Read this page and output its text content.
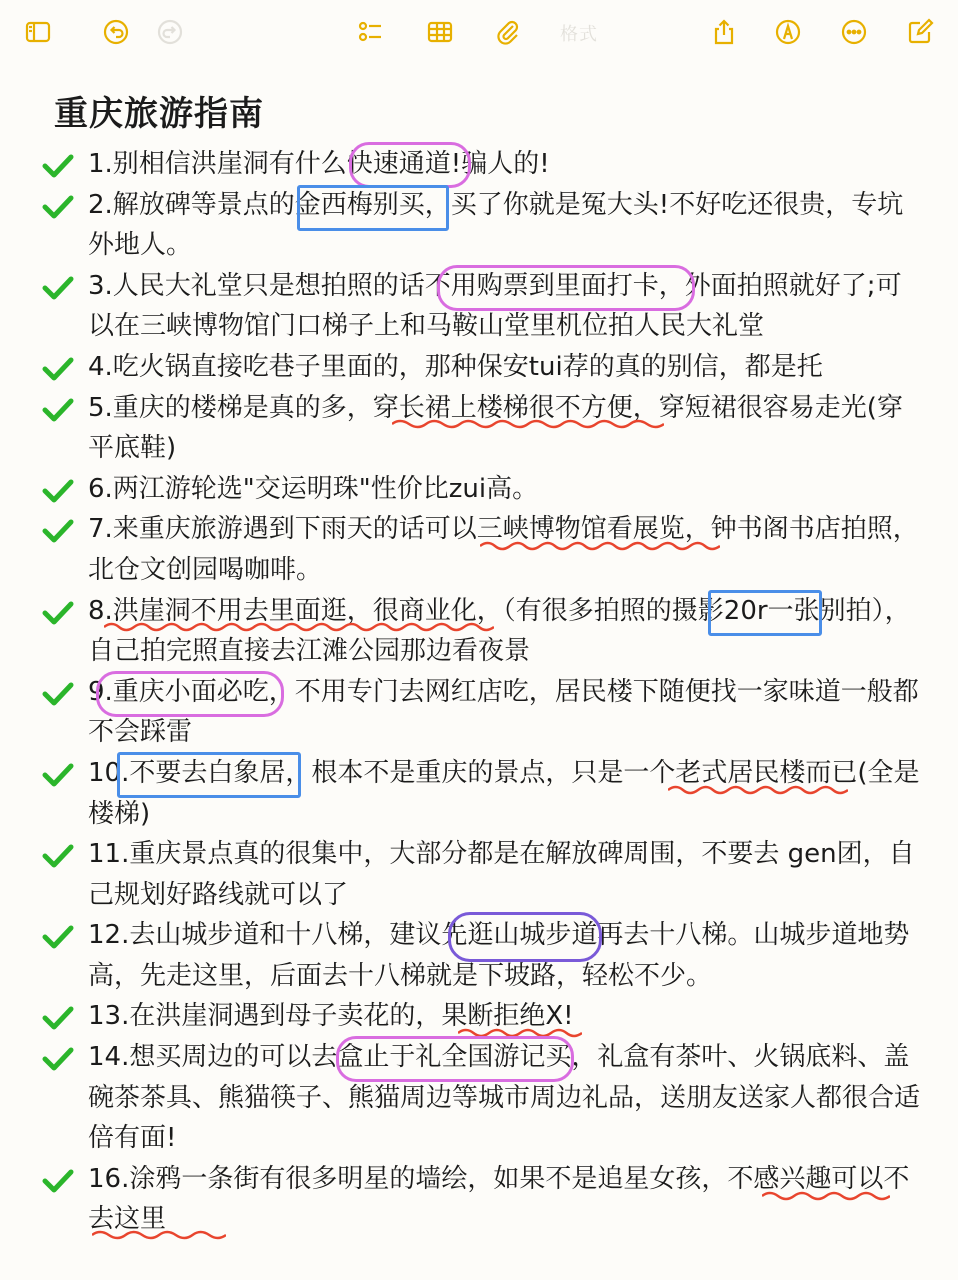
格式
重庆旅游指南
1.别相信洪崖洞有什么快速通道!骗人的!
2.解放碑等景点的金西梅别买，买了你就是冤大头!不好吃还很贵，专坑外地人。
3.人民大礼堂只是想拍照的话不用购票到里面打卡，外面拍照就好了;可以在三峡博物馆门口梯子上和马鞍山堂里机位拍人民大礼堂
4.吃火锅直接吃巷子里面的，那种保安tui荐的真的别信，都是托
5.重庆的楼梯是真的多，穿长裙上楼梯很不方便，穿短裙很容易走光(穿平底鞋)
6.两江游轮选"交运明珠"性价比zui高。
7.来重庆旅游遇到下雨天的话可以三峡博物馆看展览，钟书阁书店拍照，北仓文创园喝咖啡。
8.洪崖洞不用去里面逛，很商业化，（有很多拍照的摄影20r一张别拍），自己拍完照直接去江滩公园那边看夜景
9.重庆小面必吃，不用专门去网红店吃，居民楼下随便找一家味道一般都不会踩雷
10.不要去白象居，根本不是重庆的景点，只是一个老式居民楼而已(全是楼梯)
11.重庆景点真的很集中，大部分都是在解放碑周围，不要去 gen团，自己规划好路线就可以了
12.去山城步道和十八梯，建议先逛山城步道再去十八梯。山城步道地势高，先走这里，后面去十八梯就是下坡路，轻松不少。
13.在洪崖洞遇到母子卖花的，果断拒绝X!
14.想买周边的可以去盒止于礼全国游记买，礼盒有茶叶、火锅底料、盖碗茶茶具、熊猫筷子、熊猫周边等城市周边礼品，送朋友送家人都很合适倍有面!
16.涂鸦一条街有很多明星的墙绘，如果不是追星女孩，不感兴趣可以不去这里
